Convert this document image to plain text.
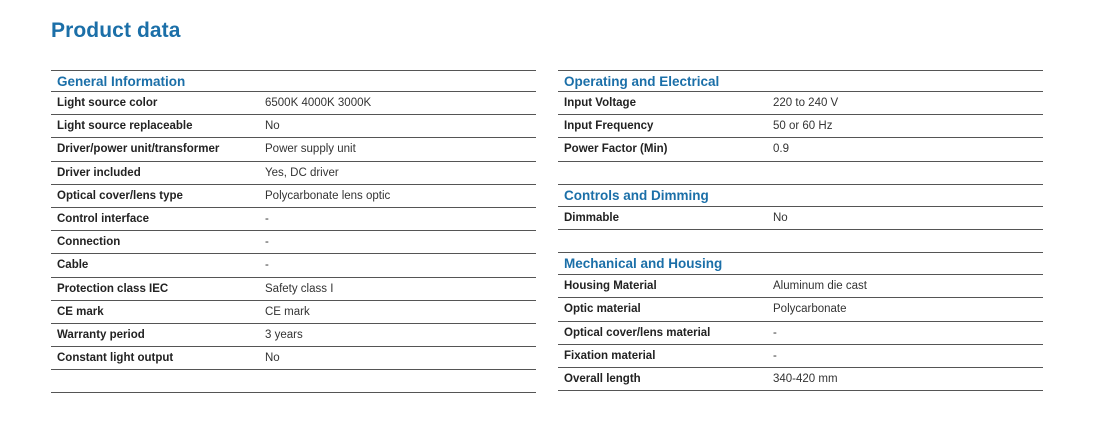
Product data
General Information
Light source color	6500K 4000K 3000K
Light source replaceable	No
Driver/power unit/transformer	Power supply unit
Driver included	Yes, DC driver
Optical cover/lens type	Polycarbonate lens optic
Control interface	-
Connection	-
Cable	-
Protection class IEC	Safety class I
CE mark	CE mark
Warranty period	3 years
Constant light output	No
Operating and Electrical
Input Voltage	220 to 240 V
Input Frequency	50 or 60 Hz
Power Factor (Min)	0.9
Controls and Dimming
Dimmable	No
Mechanical and Housing
Housing Material	Aluminum die cast
Optic material	Polycarbonate
Optical cover/lens material	-
Fixation material	-
Overall length	340-420 mm
